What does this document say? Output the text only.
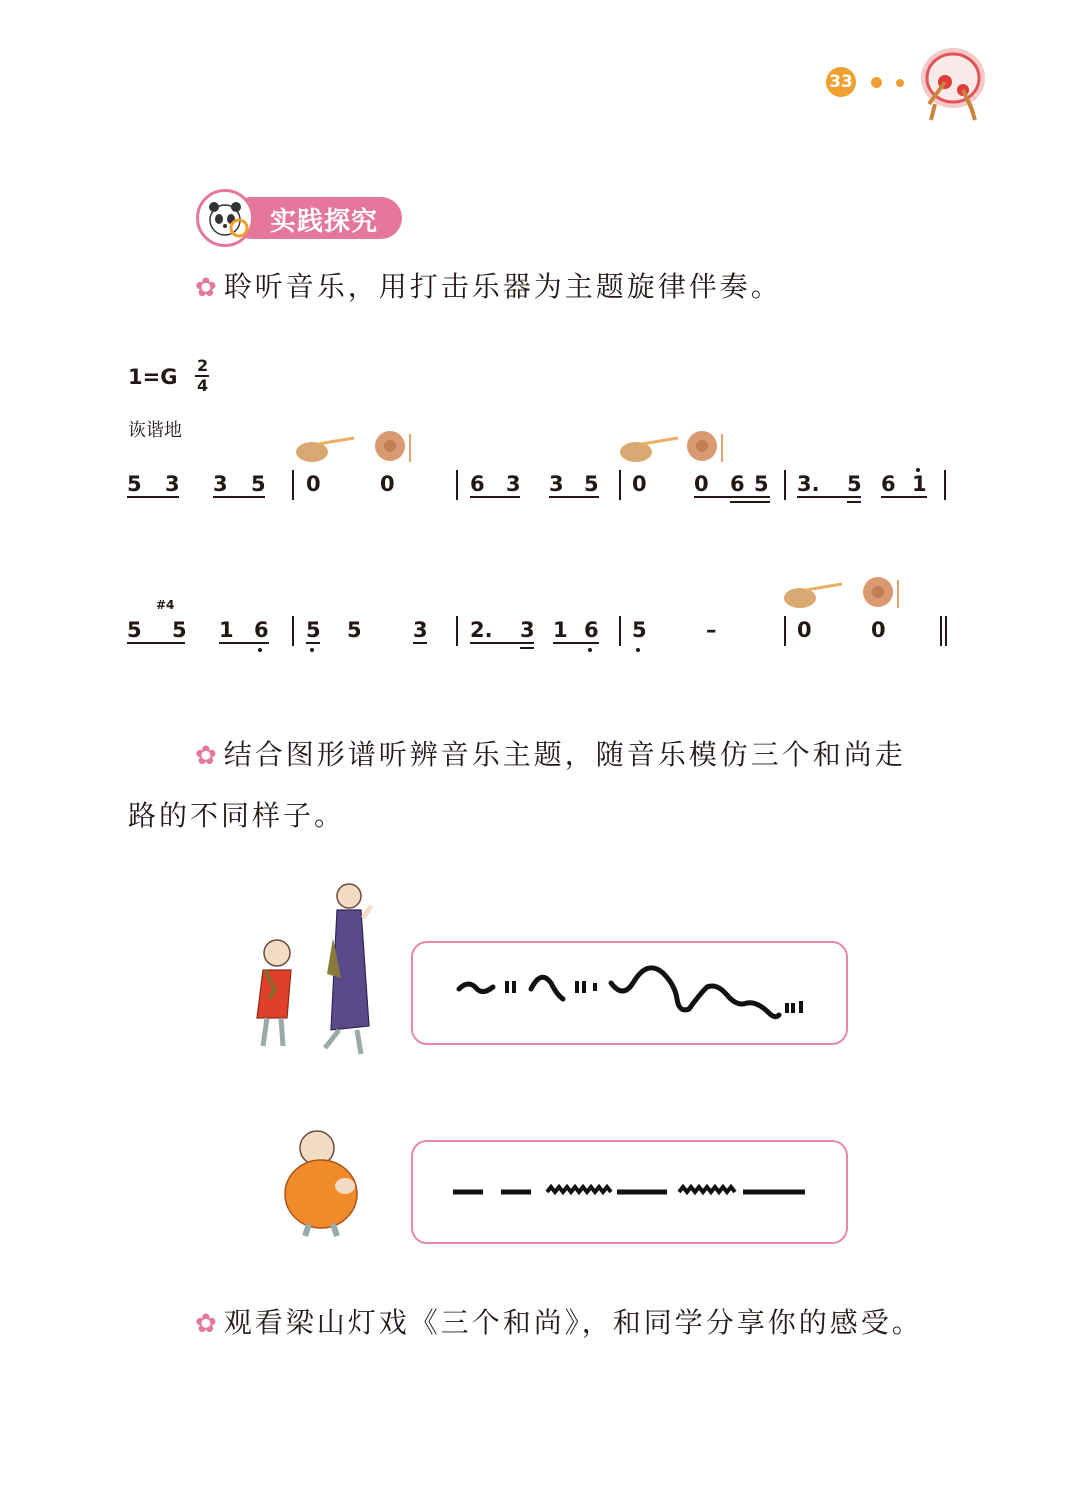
33
实践探究
✿ 聆听音乐，用打击乐器为主题旋律伴奏。
1=G 2
4
诙谐地
5 3 3 5 0	0	6 3 3 5 0 0 6 5 3. 5 6 1
5
#4
5 1 6 5 5 3 2. 3 1 6 5	–	0	0
✿ 结合图形谱听辨音乐主题，随音乐模仿三个和尚走
路的不同样子。
✿ 观看梁山灯戏《三个和尚》，和同学分享你的感受。
